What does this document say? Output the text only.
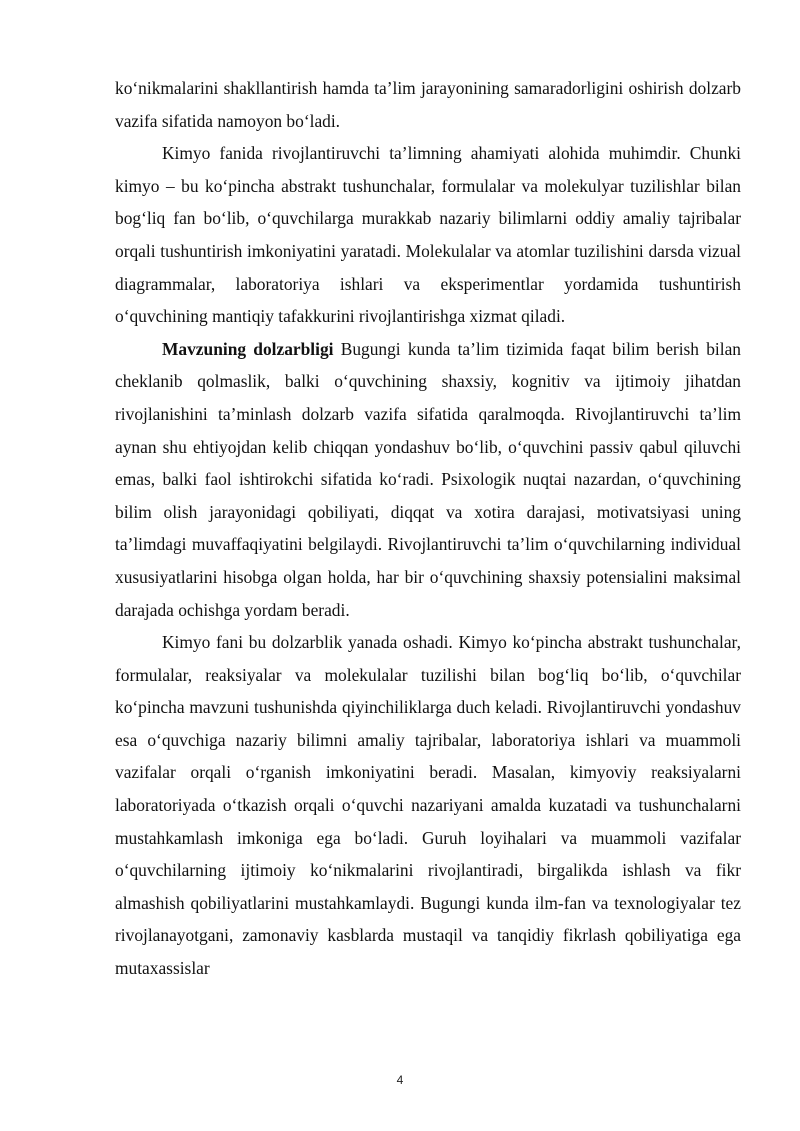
ko‘nikmalarini shakllantirish hamda ta’lim jarayonining samaradorligini oshirish dolzarb vazifa sifatida namoyon bo‘ladi.

Kimyo fanida rivojlantiruvchi ta’limning ahamiyati alohida muhimdir. Chunki kimyo – bu ko‘pincha abstrakt tushunchalar, formulalar va molekulyar tuzilishlar bilan bog‘liq fan bo‘lib, o‘quvchilarga murakkab nazariy bilimlarni oddiy amaliy tajribalar orqali tushuntirish imkoniyatini yaratadi. Molekulalar va atomlar tuzilishini darsda vizual diagrammalar, laboratoriya ishlari va eksperimentlar yordamida tushuntirish o‘quvchining mantiqiy tafakkurini rivojlantirishga xizmat qiladi.

Mavzuning dolzarbligi Bugungi kunda ta’lim tizimida faqat bilim berish bilan cheklanib qolmaslik, balki o‘quvchining shaxsiy, kognitiv va ijtimoiy jihatdan rivojlanishini ta’minlash dolzarb vazifa sifatida qaralmoqda. Rivojlantiruvchi ta’lim aynan shu ehtiyojdan kelib chiqqan yondashuv bo‘lib, o‘quvchini passiv qabul qiluvchi emas, balki faol ishtirokchi sifatida ko‘radi. Psixologik nuqtai nazardan, o‘quvchining bilim olish jarayonidagi qobiliyati, diqqat va xotira darajasi, motivatsiyasi uning ta’limdagi muvaffaqiyatini belgilaydi. Rivojlantiruvchi ta’lim o‘quvchilarning individual xususiyatlarini hisobga olgan holda, har bir o‘quvchining shaxsiy potensialini maksimal darajada ochishga yordam beradi.

Kimyo fani bu dolzarblik yanada oshadi. Kimyo ko‘pincha abstrakt tushunchalar, formulalar, reaksiyalar va molekulalar tuzilishi bilan bog‘liq bo‘lib, o‘quvchilar ko‘pincha mavzuni tushunishda qiyinchiliklarga duch keladi. Rivojlantiruvchi yondashuv esa o‘quvchiga nazariy bilimni amaliy tajribalar, laboratoriya ishlari va muammoli vazifalar orqali o‘rganish imkoniyatini beradi. Masalan, kimyoviy reaksiyalarni laboratoriyada o‘tkazish orqali o‘quvchi nazariyani amalda kuzatadi va tushunchalarni mustahkamlash imkoniga ega bo‘ladi. Guruh loyihalari va muammoli vazifalar o‘quvchilarning ijtimoiy ko‘nikmalarini rivojlantiradi, birgalikda ishlash va fikr almashish qobiliyatlarini mustahkamlaydi. Bugungi kunda ilm-fan va texnologiyalar tez rivojlanayotgani, zamonaviy kasblarda mustaqil va tanqidiy fikrlash qobiliyatiga ega mutaxassislar

4
